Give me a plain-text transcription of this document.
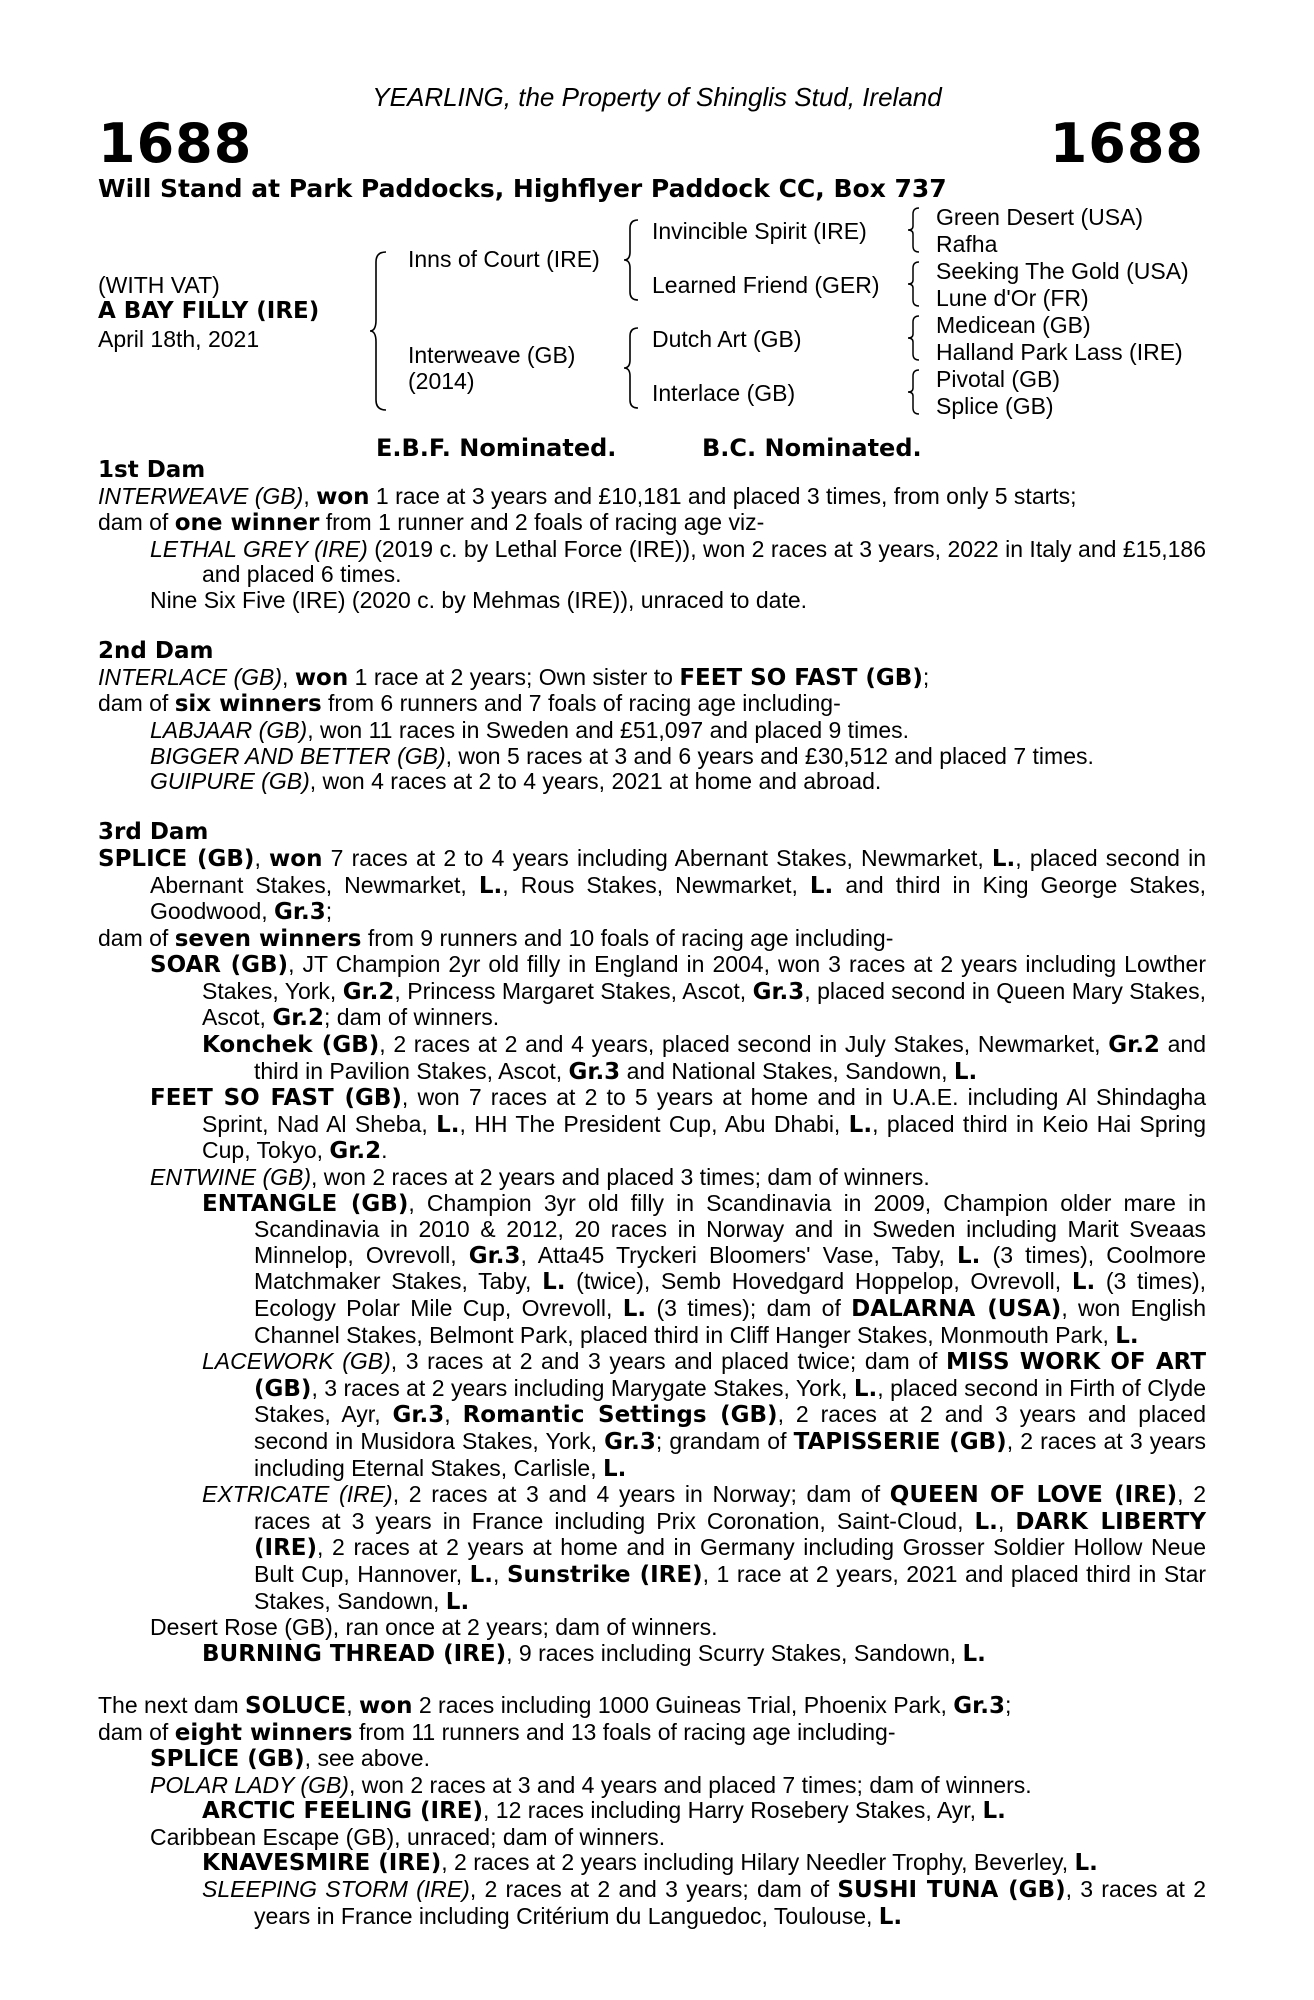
YEARLING, the Property of Shinglis Stud, Ireland
1688	1688
Will Stand at Park Paddocks, Highflyer Paddock CC, Box 737
(WITH VAT)
A BAY FILLY (IRE)
April 18th, 2021
Inns of Court (IRE)
Interweave (GB)
(2014)
Invincible Spirit (IRE)
Learned Friend (GER)
Dutch Art (GB)
Interlace (GB)
Green Desert (USA)
Rafha
Seeking The Gold (USA)
Lune d'Or (FR)
Medicean (GB)
Halland Park Lass (IRE)
Pivotal (GB)
Splice (GB)
E.B.F. Nominated.	B.C. Nominated.

1st Dam

INTERWEAVE (GB), won 1 race at 3 years and £10,181 and placed 3 times, from only 5 starts;

dam of one winner from 1 runner and 2 foals of racing age viz-

LETHAL GREY (IRE) (2019 c. by Lethal Force (IRE)), won 2 races at 3 years, 2022 in Italy and £15,186 and placed 6 times.

Nine Six Five (IRE) (2020 c. by Mehmas (IRE)), unraced to date.

2nd Dam

INTERLACE (GB), won 1 race at 2 years; Own sister to FEET SO FAST (GB);

dam of six winners from 6 runners and 7 foals of racing age including-

LABJAAR (GB), won 11 races in Sweden and £51,097 and placed 9 times.

BIGGER AND BETTER (GB), won 5 races at 3 and 6 years and £30,512 and placed 7 times.

GUIPURE (GB), won 4 races at 2 to 4 years, 2021 at home and abroad.

3rd Dam

SPLICE (GB), won 7 races at 2 to 4 years including Abernant Stakes, Newmarket, L., placed second in Abernant Stakes, Newmarket, L., Rous Stakes, Newmarket, L. and third in King George Stakes, Goodwood, Gr.3;

dam of seven winners from 9 runners and 10 foals of racing age including-

SOAR (GB), JT Champion 2yr old filly in England in 2004, won 3 races at 2 years including Lowther Stakes, York, Gr.2, Princess Margaret Stakes, Ascot, Gr.3, placed second in Queen Mary Stakes, Ascot, Gr.2; dam of winners.

Konchek (GB), 2 races at 2 and 4 years, placed second in July Stakes, Newmarket, Gr.2 and third in Pavilion Stakes, Ascot, Gr.3 and National Stakes, Sandown, L.

FEET SO FAST (GB), won 7 races at 2 to 5 years at home and in U.A.E. including Al Shindagha Sprint, Nad Al Sheba, L., HH The President Cup, Abu Dhabi, L., placed third in Keio Hai Spring Cup, Tokyo, Gr.2.

ENTWINE (GB), won 2 races at 2 years and placed 3 times; dam of winners.

ENTANGLE (GB), Champion 3yr old filly in Scandinavia in 2009, Champion older mare in Scandinavia in 2010 & 2012, 20 races in Norway and in Sweden including Marit Sveaas Minnelop, Ovrevoll, Gr.3, Atta45 Tryckeri Bloomers' Vase, Taby, L. (3 times), Coolmore Matchmaker Stakes, Taby, L. (twice), Semb Hovedgard Hoppelop, Ovrevoll, L. (3 times), Ecology Polar Mile Cup, Ovrevoll, L. (3 times); dam of DALARNA (USA), won English Channel Stakes, Belmont Park, placed third in Cliff Hanger Stakes, Monmouth Park, L.

LACEWORK (GB), 3 races at 2 and 3 years and placed twice; dam of MISS WORK OF ART (GB), 3 races at 2 years including Marygate Stakes, York, L., placed second in Firth of Clyde Stakes, Ayr, Gr.3, Romantic Settings (GB), 2 races at 2 and 3 years and placed second in Musidora Stakes, York, Gr.3; grandam of TAPISSERIE (GB), 2 races at 3 years including Eternal Stakes, Carlisle, L.

EXTRICATE (IRE), 2 races at 3 and 4 years in Norway; dam of QUEEN OF LOVE (IRE), 2 races at 3 years in France including Prix Coronation, Saint-Cloud, L., DARK LIBERTY (IRE), 2 races at 2 years at home and in Germany including Grosser Soldier Hollow Neue Bult Cup, Hannover, L., Sunstrike (IRE), 1 race at 2 years, 2021 and placed third in Star Stakes, Sandown, L.

Desert Rose (GB), ran once at 2 years; dam of winners.

BURNING THREAD (IRE), 9 races including Scurry Stakes, Sandown, L.

The next dam SOLUCE, won 2 races including 1000 Guineas Trial, Phoenix Park, Gr.3;

dam of eight winners from 11 runners and 13 foals of racing age including-

SPLICE (GB), see above.

POLAR LADY (GB), won 2 races at 3 and 4 years and placed 7 times; dam of winners.

ARCTIC FEELING (IRE), 12 races including Harry Rosebery Stakes, Ayr, L.

Caribbean Escape (GB), unraced; dam of winners.

KNAVESMIRE (IRE), 2 races at 2 years including Hilary Needler Trophy, Beverley, L.

SLEEPING STORM (IRE), 2 races at 2 and 3 years; dam of SUSHI TUNA (GB), 3 races at 2 years in France including Critérium du Languedoc, Toulouse, L.
